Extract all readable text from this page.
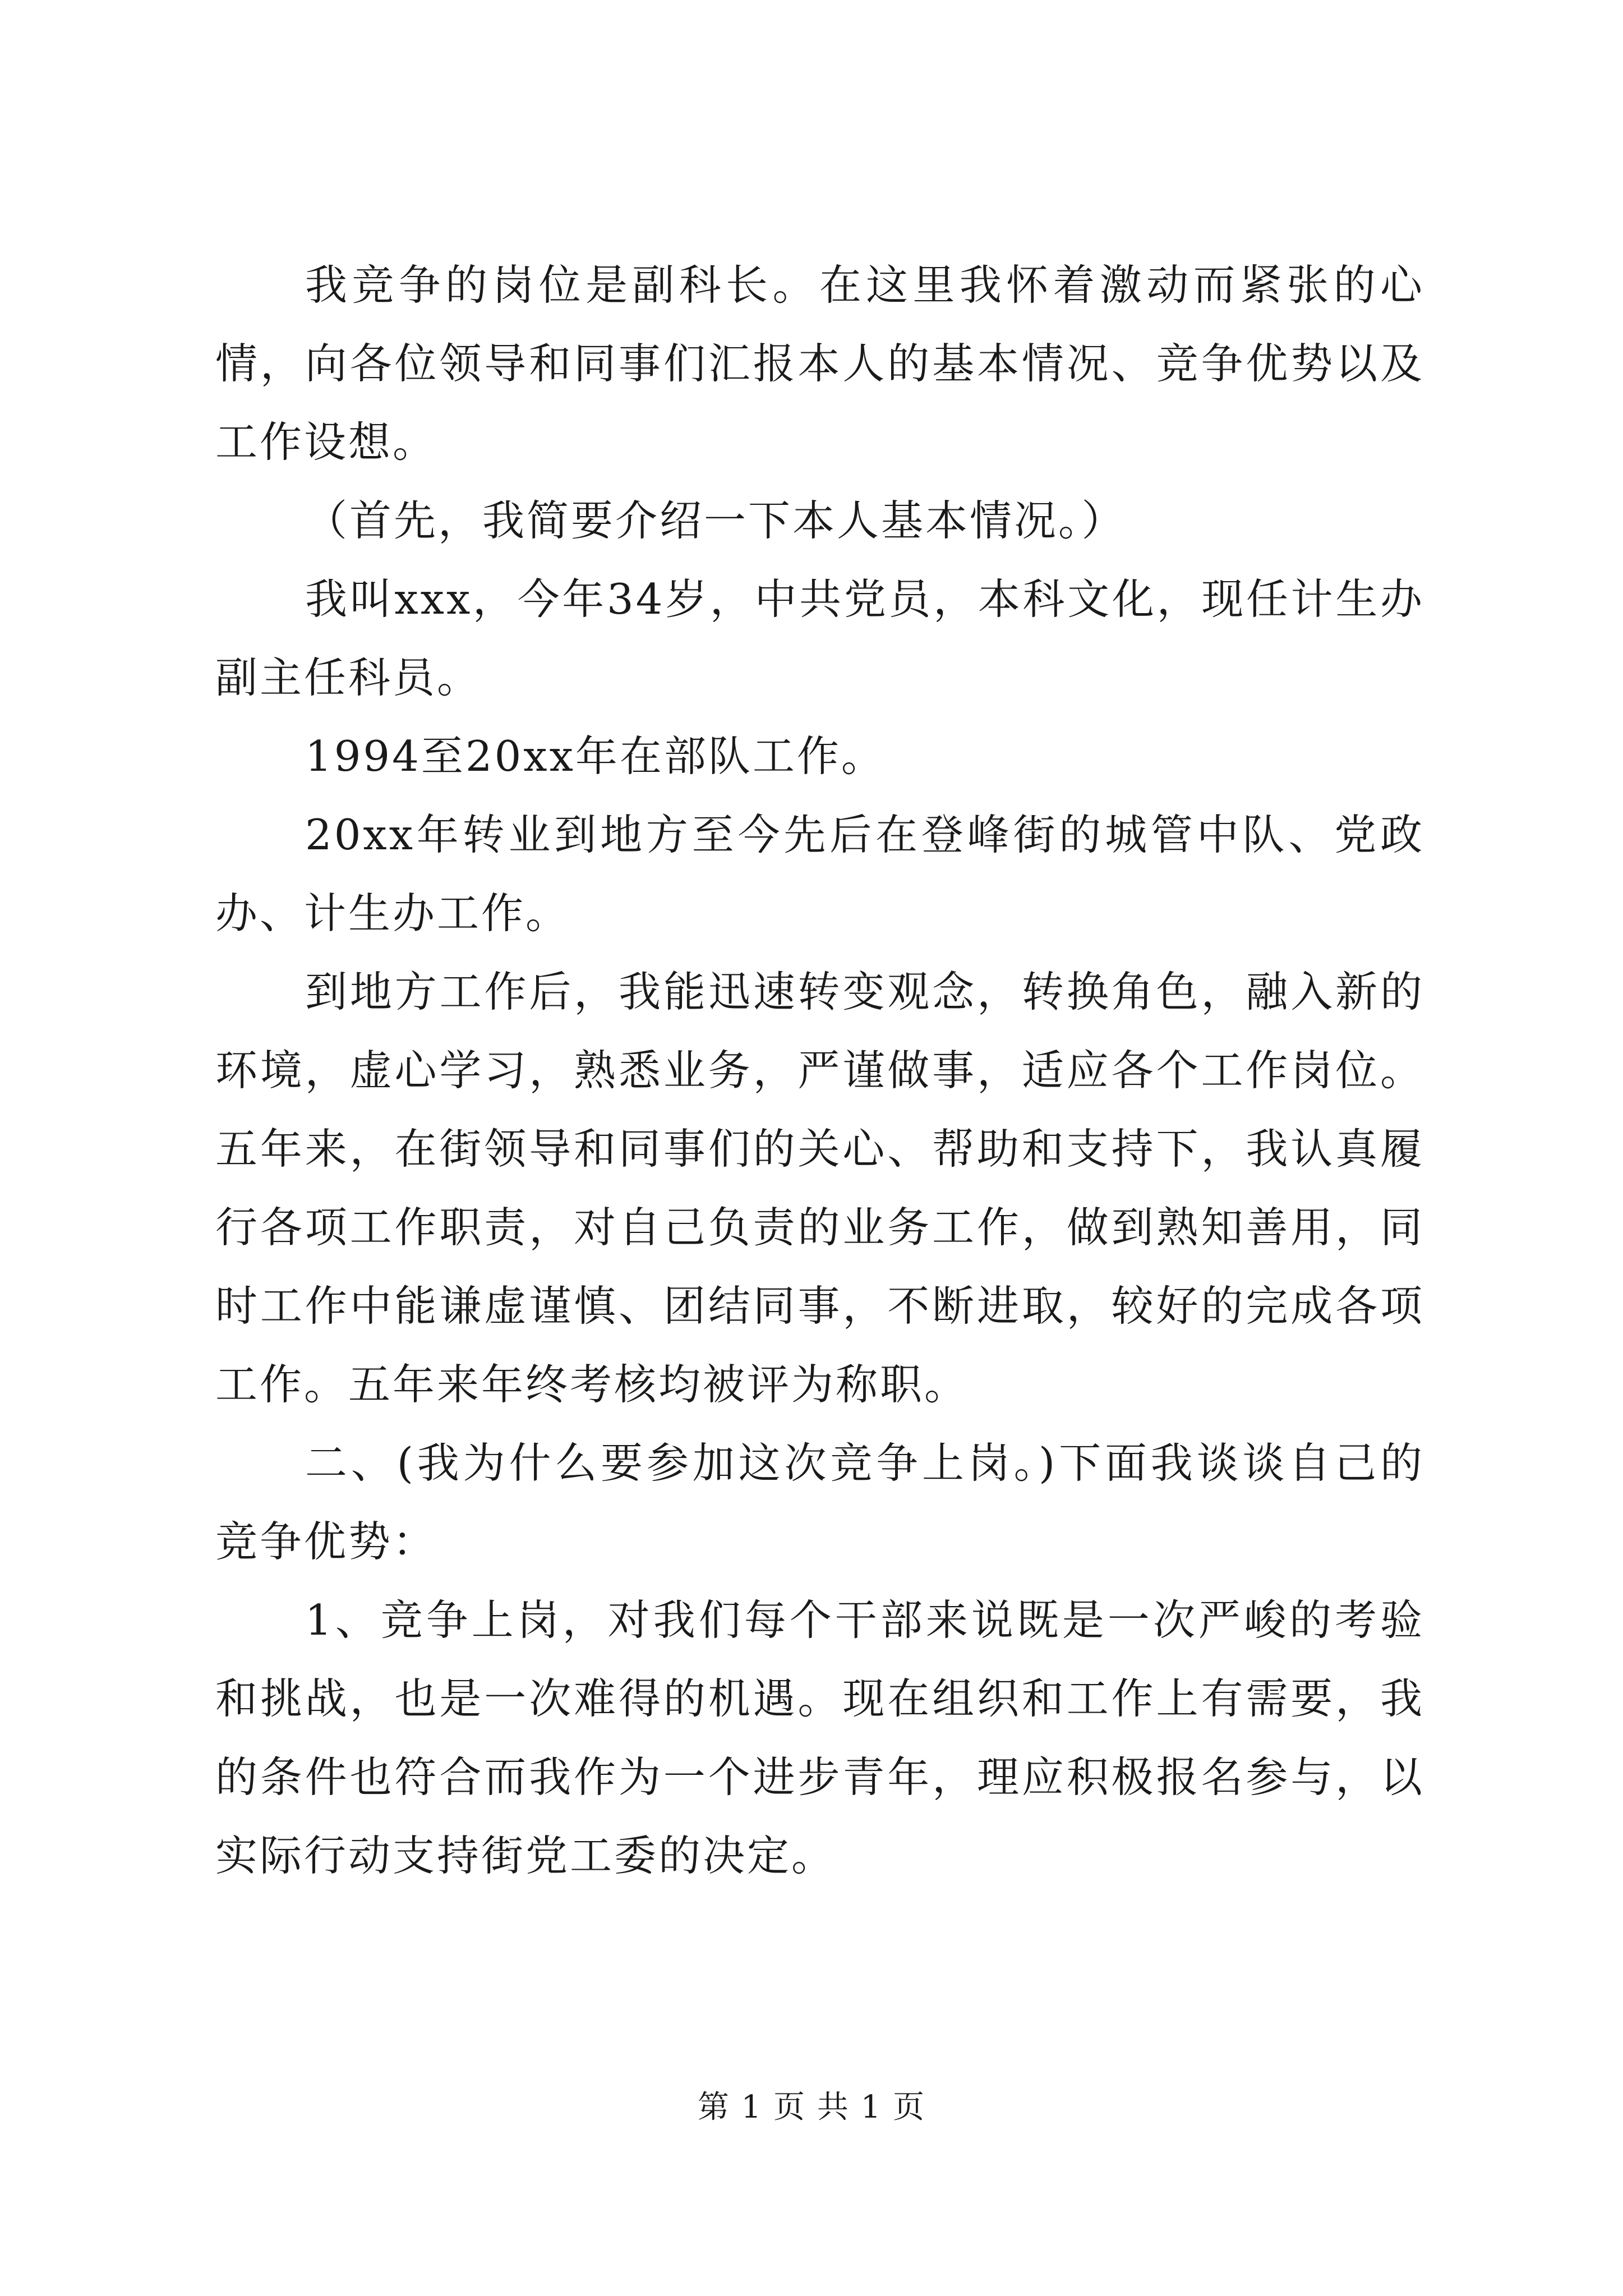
我竞争的岗位是副科长。在这里我怀着激动而紧张的心情，向各位领导和同事们汇报本人的基本情况、竞争优势以及工作设想。

（首先，我简要介绍一下本人基本情况。）

我叫xxx，今年34岁，中共党员，本科文化，现任计生办副主任科员。

1994至20xx年在部队工作。

20xx年转业到地方至今先后在登峰街的城管中队、党政办、计生办工作。

到地方工作后，我能迅速转变观念，转换角色，融入新的环境，虚心学习，熟悉业务，严谨做事，适应各个工作岗位。五年来，在街领导和同事们的关心、帮助和支持下，我认真履行各项工作职责，对自己负责的业务工作，做到熟知善用，同时工作中能谦虚谨慎、团结同事，不断进取，较好的完成各项工作。五年来年终考核均被评为称职。

二、(我为什么要参加这次竞争上岗。)下面我谈谈自己的竞争优势：

1、竞争上岗，对我们每个干部来说既是一次严峻的考验和挑战，也是一次难得的机遇。现在组织和工作上有需要，我的条件也符合而我作为一个进步青年，理应积极报名参与，以实际行动支持街党工委的决定。

第 1 页 共 1 页
